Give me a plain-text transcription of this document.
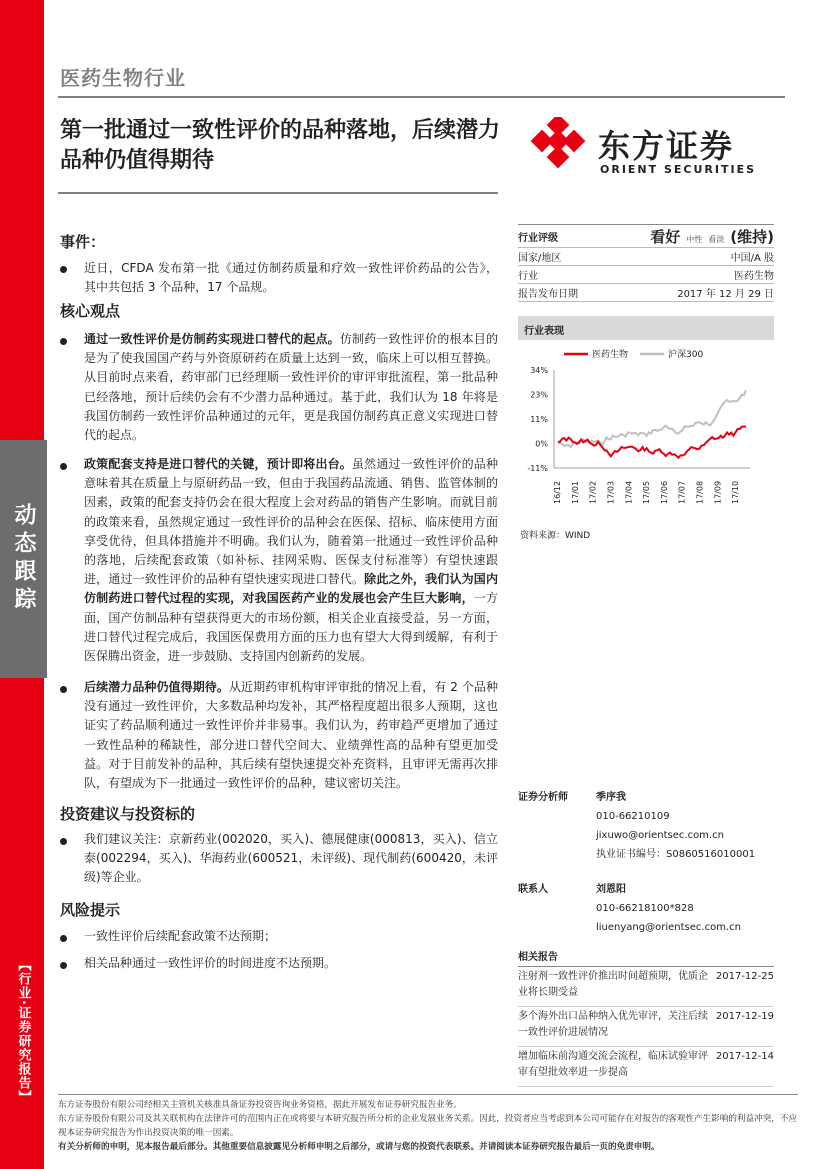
动态跟踪
【行业·证券研究报告】
医药生物行业
第一批通过一致性评价的品种落地，后续潜力品种仍值得期待	东方证券
ORIENT SECURITIES
事件：
近日，CFDA 发布第一批《通过仿制药质量和疗效一致性评价药品的公告》，其中共包括 3 个品种，17 个品规。
核心观点
通过一致性评价是仿制药实现进口替代的起点。仿制药一致性评价的根本目的是为了使我国国产药与外资原研药在质量上达到一致，临床上可以相互替换。从目前时点来看，药审部门已经理顺一致性评价的审评审批流程，第一批品种已经落地，预计后续仍会有不少潜力品种通过。基于此，我们认为 18 年将是我国仿制药一致性评价品种通过的元年，更是我国仿制药真正意义实现进口替代的起点。
政策配套支持是进口替代的关键，预计即将出台。虽然通过一致性评价的品种意味着其在质量上与原研药品一致，但由于我国药品流通、销售、监管体制的因素，政策的配套支持仍会在很大程度上会对药品的销售产生影响。而就目前的政策来看，虽然规定通过一致性评价的品种会在医保、招标、临床使用方面享受优待，但具体措施并不明确。我们认为，随着第一批通过一致性评价品种的落地，后续配套政策（如补标、挂网采购、医保支付标准等）有望快速跟进，通过一致性评价的品种有望快速实现进口替代。除此之外，我们认为国内仿制药进口替代过程的实现，对我国医药产业的发展也会产生巨大影响，一方面，国产仿制品种有望获得更大的市场份额，相关企业直接受益，另一方面，进口替代过程完成后，我国医保费用方面的压力也有望大大得到缓解，有利于医保腾出资金，进一步鼓励、支持国内创新药的发展。
后续潜力品种仍值得期待。从近期药审机构审评审批的情况上看，有 2 个品种没有通过一致性评价，大多数品种均发补，其严格程度超出很多人预期，这也证实了药品顺利通过一致性评价并非易事。我们认为，药审趋严更增加了通过一致性品种的稀缺性，部分进口替代空间大、业绩弹性高的品种有望更加受益。对于目前发补的品种，其后续有望快速提交补充资料，且审评无需再次排队，有望成为下一批通过一致性评价的品种，建议密切关注。
投资建议与投资标的
我们建议关注：京新药业(002020，买入)、德展健康(000813，买入)、信立泰(002294，买入)、华海药业(600521，未评级)、现代制药(600420，未评级)等企业。
风险提示
一致性评价后续配套政策不达预期；
相关品种通过一致性评价的时间进度不达预期。
行业评级	看好 中性 看淡 (维持)
国家/地区	中国/A 股
行业	医药生物
报告发布日期	2017 年 12 月 29 日
行业表现
医药生物	沪深300
34%
23%
11%
0%
-11%
16/12 17/01 17/02 17/03 17/04 17/05 17/06 17/07 17/08 17/09 17/10
资料来源：WIND
证券分析师	季序我
010-66210109
jixuwo@orientsec.com.cn
执业证书编号：S0860516010001
联系人	刘恩阳
010-66218100*828
liuenyang@orientsec.com.cn
相关报告
注射剂一致性评价推出时间超预期，优质企业将长期受益
2017-12-25
多个海外出口品种纳入优先审评，关注后续一致性评价进展情况
2017-12-19
增加临床前沟通交流会流程，临床试验审评审有望批效率进一步提高
2017-12-14
东方证券股份有限公司经相关主管机关核准具备证券投资咨询业务资格，据此开展发布证券研究报告业务。
东方证券股份有限公司及其关联机构在法律许可的范围内正在或将要与本研究报告所分析的企业发展业务关系。因此，投资者应当考虑到本公司可能存在对报告的客观性产生影响的利益冲突，不应视本证券研究报告为作出投资决策的唯一因素。
有关分析师的申明，见本报告最后部分。其他重要信息披露见分析师申明之后部分，或请与您的投资代表联系。并请阅读本证券研究报告最后一页的免责申明。
